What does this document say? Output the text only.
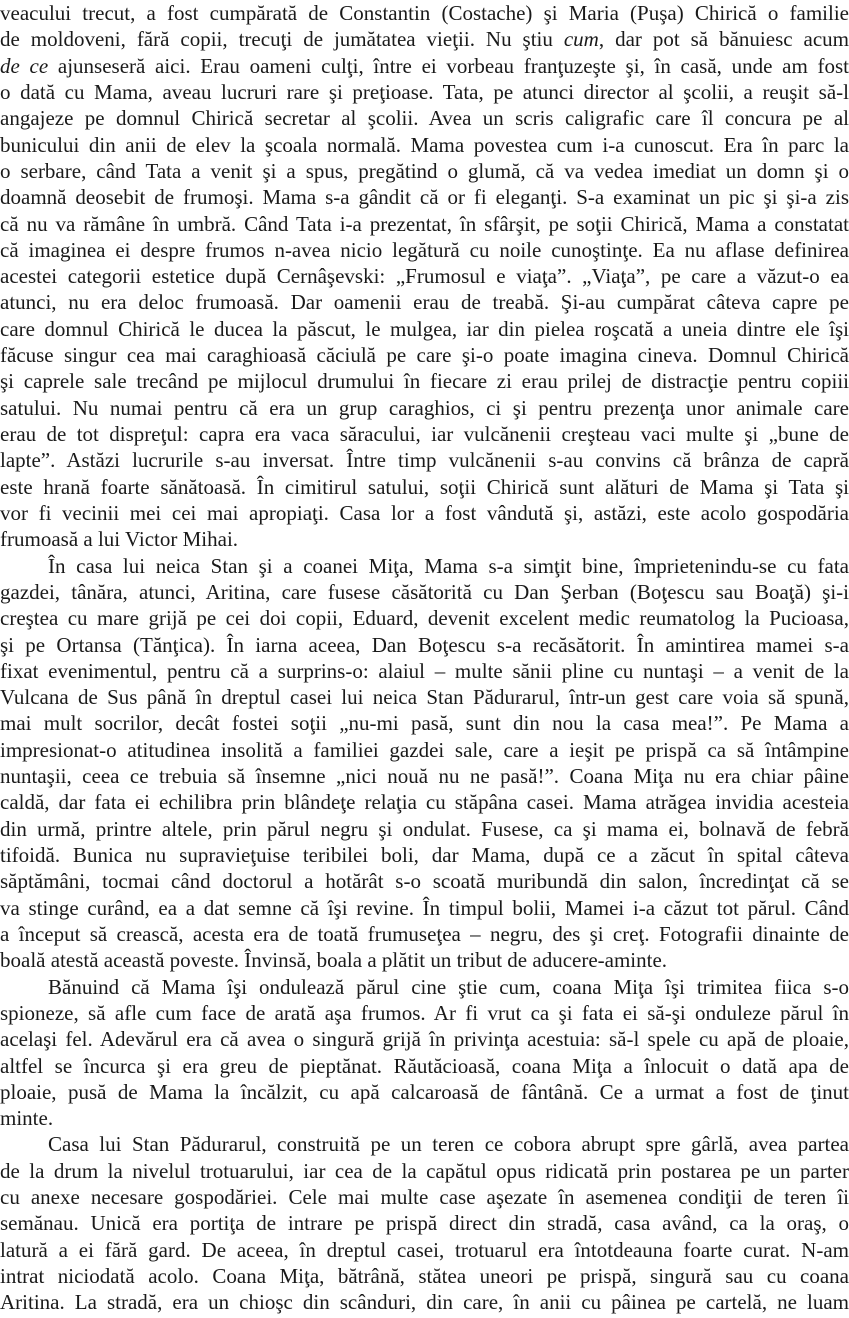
veacului trecut, a fost cumpărată de Constantin (Costache) şi Maria (Puşa) Chirică o familie
de moldoveni, fără copii, trecuţi de jumătatea vieţii. Nu ştiu cum, dar pot să bănuiesc acum
de ce ajunseseră aici. Erau oameni culţi, între ei vorbeau franţuzeşte şi, în casă, unde am fost
o dată cu Mama, aveau lucruri rare şi preţioase. Tata, pe atunci director al şcolii, a reuşit să-l
angajeze pe domnul Chirică secretar al şcolii. Avea un scris caligrafic care îl concura pe al
bunicului din anii de elev la şcoala normală. Mama povestea cum i-a cunoscut. Era în parc la
o serbare, când Tata a venit şi a spus, pregătind o glumă, că va vedea imediat un domn şi o
doamnă deosebit de frumoşi. Mama s-a gândit că or fi eleganţi. S-a examinat un pic şi şi-a zis
că nu va rămâne în umbră. Când Tata i-a prezentat, în sfârşit, pe soţii Chirică, Mama a constatat
că imaginea ei despre frumos n-avea nicio legătură cu noile cunoştinţe. Ea nu aflase definirea
acestei categorii estetice după Cernâşevski: „Frumosul e viaţa”. „Viaţa”, pe care a văzut-o ea
atunci, nu era deloc frumoasă. Dar oamenii erau de treabă. Şi-au cumpărat câteva capre pe
care domnul Chirică le ducea la păscut, le mulgea, iar din pielea roşcată a uneia dintre ele îşi
făcuse singur cea mai caraghioasă căciulă pe care şi-o poate imagina cineva. Domnul Chirică
şi caprele sale trecând pe mijlocul drumului în fiecare zi erau prilej de distracţie pentru copiii
satului. Nu numai pentru că era un grup caraghios, ci şi pentru prezenţa unor animale care
erau de tot dispreţul: capra era vaca săracului, iar vulcănenii creşteau vaci multe şi „bune de
lapte”. Astăzi lucrurile s-au inversat. Între timp vulcănenii s-au convins că brânza de capră
este hrană foarte sănătoasă. În cimitirul satului, soţii Chirică sunt alături de Mama şi Tata şi
vor fi vecinii mei cei mai apropiaţi. Casa lor a fost vândută şi, astăzi, este acolo gospodăria
frumoasă a lui Victor Mihai.
În casa lui neica Stan şi a coanei Miţa, Mama s-a simţit bine, împrietenindu-se cu fata
gazdei, tânăra, atunci, Aritina, care fusese căsătorită cu Dan Şerban (Boţescu sau Boaţă) şi-i
creştea cu mare grijă pe cei doi copii, Eduard, devenit excelent medic reumatolog la Pucioasa,
şi pe Ortansa (Tănţica). În iarna aceea, Dan Boţescu s-a recăsătorit. În amintirea mamei s-a
fixat evenimentul, pentru că a surprins-o: alaiul – multe sănii pline cu nuntaşi – a venit de la
Vulcana de Sus până în dreptul casei lui neica Stan Pădurarul, într-un gest care voia să spună,
mai mult socrilor, decât fostei soţii „nu-mi pasă, sunt din nou la casa mea!”. Pe Mama a
impresionat-o atitudinea insolită a familiei gazdei sale, care a ieşit pe prispă ca să întâmpine
nuntaşii, ceea ce trebuia să însemne „nici nouă nu ne pasă!”. Coana Miţa nu era chiar pâine
caldă, dar fata ei echilibra prin blândeţe relaţia cu stăpâna casei. Mama atrăgea invidia acesteia
din urmă, printre altele, prin părul negru şi ondulat. Fusese, ca şi mama ei, bolnavă de febră
tifoidă. Bunica nu supravieţuise teribilei boli, dar Mama, după ce a zăcut în spital câteva
săptămâni, tocmai când doctorul a hotărât s-o scoată muribundă din salon, încredinţat că se
va stinge curând, ea a dat semne că îşi revine. În timpul bolii, Mamei i-a căzut tot părul. Când
a început să crească, acesta era de toată frumuseţea – negru, des şi creţ. Fotografii dinainte de
boală atestă această poveste. Învinsă, boala a plătit un tribut de aducere-aminte.
Bănuind că Mama îşi ondulează părul cine ştie cum, coana Miţa îşi trimitea fiica s-o
spioneze, să afle cum face de arată aşa frumos. Ar fi vrut ca şi fata ei să-şi onduleze părul în
acelaşi fel. Adevărul era că avea o singură grijă în privinţa acestuia: să-l spele cu apă de ploaie,
altfel se încurca şi era greu de pieptănat. Răutăcioasă, coana Miţa a înlocuit o dată apa de
ploaie, pusă de Mama la încălzit, cu apă calcaroasă de fântână. Ce a urmat a fost de ţinut
minte.
Casa lui Stan Pădurarul, construită pe un teren ce cobora abrupt spre gârlă, avea partea
de la drum la nivelul trotuarului, iar cea de la capătul opus ridicată prin postarea pe un parter
cu anexe necesare gospodăriei. Cele mai multe case aşezate în asemenea condiţii de teren îi
semănau. Unică era portiţa de intrare pe prispă direct din stradă, casa având, ca la oraş, o
latură a ei fără gard. De aceea, în dreptul casei, trotuarul era întotdeauna foarte curat. N-am
intrat niciodată acolo. Coana Miţa, bătrână, stătea uneori pe prispă, singură sau cu coana
Aritina. La stradă, era un chioşc din scânduri, din care, în anii cu pâinea pe cartelă, ne luam
